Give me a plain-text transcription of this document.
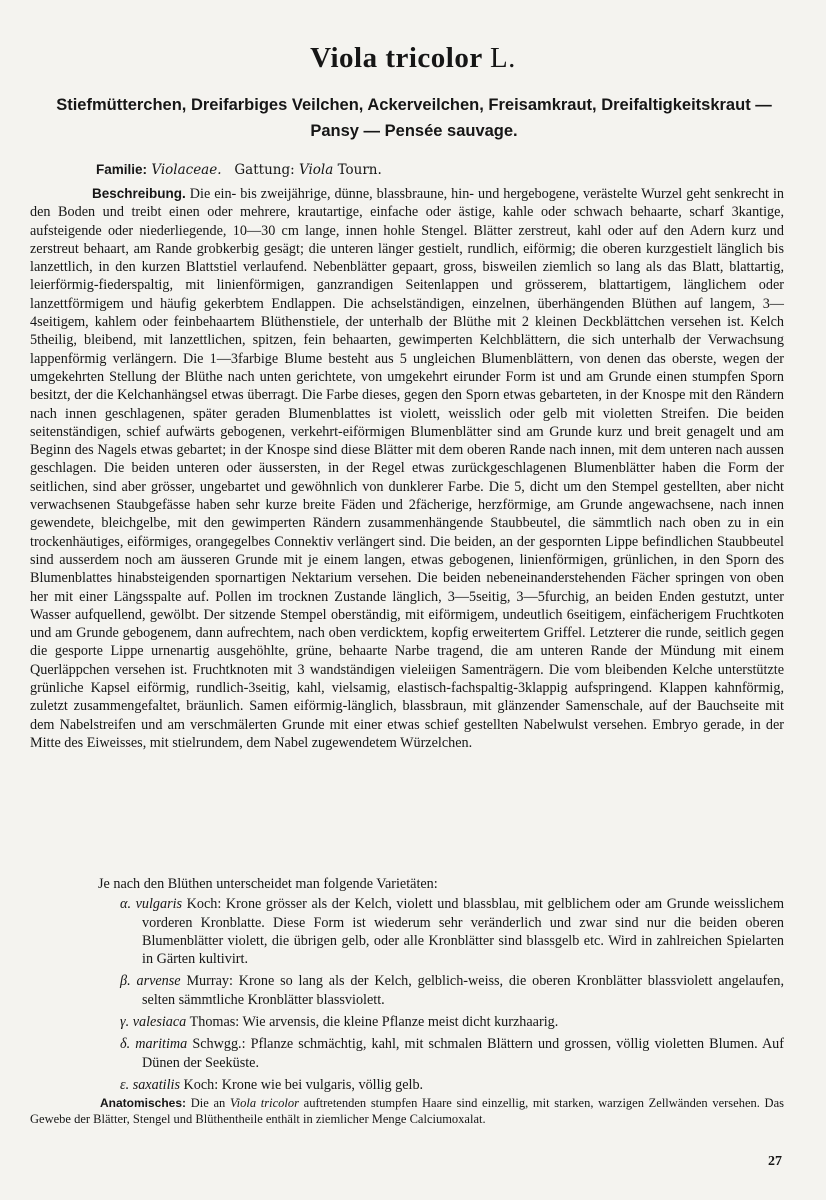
Viola tricolor L.
Stiefmütterchen, Dreifarbiges Veilchen, Ackerveilchen, Freisamkraut, Dreifaltigkeitskraut — Pansy — Pensée sauvage.
Familie: Violaceae. Gattung: Viola Tourn.
Beschreibung. Die ein- bis zweijährige, dünne, blassbraune, hin- und hergebogene, verästelte Wurzel geht senkrecht in den Boden und treibt einen oder mehrere, krautartige, einfache oder ästige, kahle oder schwach behaarte, scharf 3kantige, aufsteigende oder niederliegende, 10—30 cm lange, innen hohle Stengel. Blätter zerstreut, kahl oder auf den Adern kurz und zerstreut behaart, am Rande grobkerbig gesägt; die unteren länger gestielt, rundlich, eiförmig; die oberen kurzgestielt länglich bis lanzettlich, in den kurzen Blattstiel verlaufend. Nebenblätter gepaart, gross, bisweilen ziemlich so lang als das Blatt, blattartig, leierförmig-fiederspaltig, mit linienförmigen, ganzrandigen Seitenlappen und grösserem, blattartigem, länglichem oder lanzettförmigem und häufig gekerbtem Endlappen. Die achselständigen, einzelnen, überhängenden Blüthen auf langem, 3—4seitigem, kahlem oder feinbehaartem Blüthenstiele, der unterhalb der Blüthe mit 2 kleinen Deckblättchen versehen ist. Kelch 5theilig, bleibend, mit lanzettlichen, spitzen, fein behaarten, gewimperten Kelchblättern, die sich unterhalb der Verwachsung lappenförmig verlängern. Die 1—3farbige Blume besteht aus 5 ungleichen Blumenblättern, von denen das oberste, wegen der umgekehrten Stellung der Blüthe nach unten gerichtete, von umgekehrt eirunder Form ist und am Grunde einen stumpfen Sporn besitzt, der die Kelchanhängsel etwas überragt. Die Farbe dieses, gegen den Sporn etwas gebarteten, in der Knospe mit den Rändern nach innen geschlagenen, später geraden Blumenblattes ist violett, weisslich oder gelb mit violetten Streifen. Die beiden seitenständigen, schief aufwärts gebogenen, verkehrt-eiförmigen Blumenblätter sind am Grunde kurz und breit genagelt und am Beginn des Nagels etwas gebartet; in der Knospe sind diese Blätter mit dem oberen Rande nach innen, mit dem unteren nach aussen geschlagen. Die beiden unteren oder äussersten, in der Regel etwas zurückgeschlagenen Blumenblätter haben die Form der seitlichen, sind aber grösser, ungebartet und gewöhnlich von dunklerer Farbe. Die 5, dicht um den Stempel gestellten, aber nicht verwachsenen Staubgefässe haben sehr kurze breite Fäden und 2fächerige, herzförmige, am Grunde angewachsene, nach innen gewendete, bleichgelbe, mit den gewimperten Rändern zusammenhängende Staubbeutel, die sämmtlich nach oben zu in ein trockenhäutiges, eiförmiges, orangegelbes Connektiv verlängert sind. Die beiden, an der gespornten Lippe befindlichen Staubbeutel sind ausserdem noch am äusseren Grunde mit je einem langen, etwas gebogenen, linienförmigen, grünlichen, in den Sporn des Blumenblattes hinabsteigenden spornartigen Nektarium versehen. Die beiden nebeneinanderstehenden Fächer springen von oben her mit einer Längsspalte auf. Pollen im trocknen Zustande länglich, 3—5seitig, 3—5furchig, an beiden Enden gestutzt, unter Wasser aufquellend, gewölbt. Der sitzende Stempel oberständig, mit eiförmigem, undeutlich 6seitigem, einfächerigem Fruchtkoten und am Grunde gebogenem, dann aufrechtem, nach oben verdicktem, kopfig erweitertem Griffel. Letzterer die runde, seitlich gegen die gesporte Lippe urnenartig ausgehöhlte, grüne, behaarte Narbe tragend, die am unteren Rande der Mündung mit einem Querläppchen versehen ist. Fruchtknoten mit 3 wandständigen vieleiigen Samenträgern. Die vom bleibenden Kelche unterstützte grünliche Kapsel eiförmig, rundlich-3seitig, kahl, vielsamig, elastisch-fachspaltig-3klappig aufspringend. Klappen kahnförmig, zuletzt zusammengefaltet, bräunlich. Samen eiförmig-länglich, blassbraun, mit glänzender Samenschale, auf der Bauchseite mit dem Nabelstreifen und am verschmälerten Grunde mit einer etwas schief gestellten Nabelwulst versehen. Embryo gerade, in der Mitte des Eiweisses, mit stielrundem, dem Nabel zugewendetem Würzelchen.
Je nach den Blüthen unterscheidet man folgende Varietäten:
α. vulgaris Koch: Krone grösser als der Kelch, violett und blassblau, mit gelblichem oder am Grunde weisslichem vorderen Kronblatte. Diese Form ist wiederum sehr veränderlich und zwar sind nur die beiden oberen Blumenblätter violett, die übrigen gelb, oder alle Kronblätter sind blassgelb etc. Wird in zahlreichen Spielarten in Gärten kultivirt.
β. arvense Murray: Krone so lang als der Kelch, gelblich-weiss, die oberen Kronblätter blassviolett angelaufen, selten sämmtliche Kronblätter blassviolett.
γ. valesiaca Thomas: Wie arvensis, die kleine Pflanze meist dicht kurzhaarig.
δ. maritima Schwgg.: Pflanze schmächtig, kahl, mit schmalen Blättern und grossen, völlig violetten Blumen. Auf Dünen der Seeküste.
ε. saxatilis Koch: Krone wie bei vulgaris, völlig gelb.
Anatomisches: Die an Viola tricolor auftretenden stumpfen Haare sind einzellig, mit starken, warzigen Zellwänden versehen. Das Gewebe der Blätter, Stengel und Blüthentheile enthält in ziemlicher Menge Calciumoxalat.
27
